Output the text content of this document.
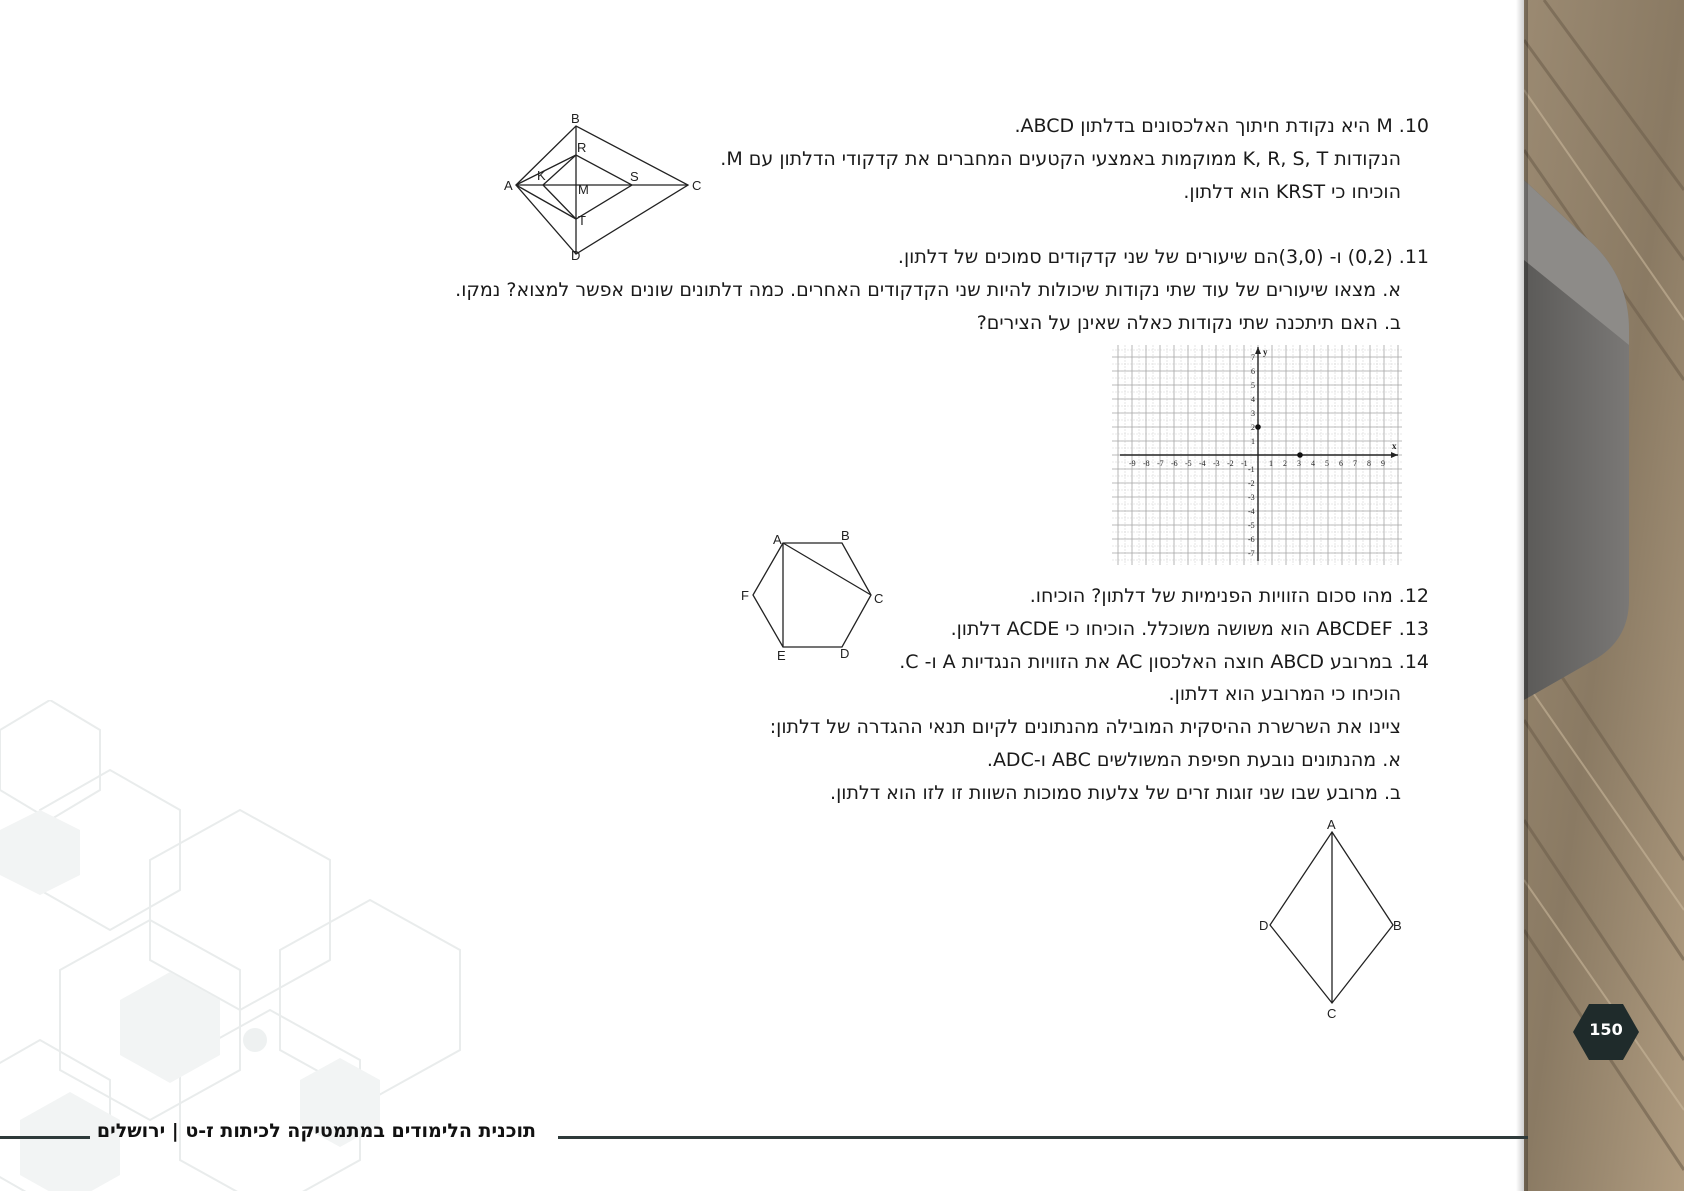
M .10 היא נקודת חיתוך האלכסונים בדלתון ABCD.
הנקודות K, R, S, T ממוקמות באמצעי הקטעים המחברים את קדקודי הדלתון עם M.
הוכיחו כי KRST הוא דלתון.
B
A	C
D
K
R
S
T
M
11. (0,2) ו- (3,0)הם שיעורים של שני קדקודים סמוכים של דלתון.
א. מצאו שיעורים של עוד שתי נקודות שיכולות להיות שני הקדקודים האחרים. כמה דלתונים שונים אפשר למצוא? נמקו.
ב. האם תיתכנה שתי נקודות כאלה שאינן על הצירים?
-9 -8 -7 -6 -5 -4 -3 -2 -1	1 2 3 4 5 6 7 8 9
7
6
5
4
3
2
1
-1
-2
-3
-4
-5
-6
-7
x
y
A	B
C
D
E
F	12. מהו סכום הזוויות הפנימיות של דלתון? הוכיחו.
ABCDEF .13 הוא משושה משוכלל. הוכיחו כי ACDE דלתון.
14. במרובע ABCD חוצה האלכסון AC את הזוויות הנגדיות A ו- C.
הוכיחו כי המרובע הוא דלתון.
ציינו את השרשרת ההיסקית המובילה מהנתונים לקיום תנאי ההגדרה של דלתון:
א. מהנתונים נובעת חפיפת המשולשים ABC ו-ADC.
ב. מרובע שבו שני זוגות זרים של צלעות סמוכות השוות זו לזו הוא דלתון.
A
B
C
D
150
תוכנית הלימודים במתמטיקה לכיתות ז-ט | ירושלים
